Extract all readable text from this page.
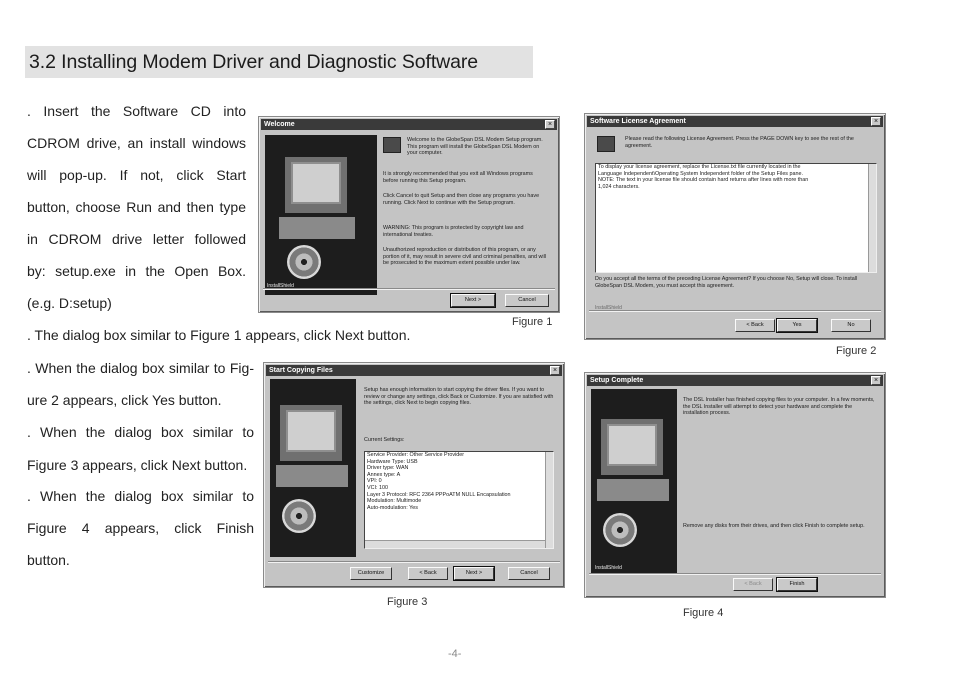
3.2 Installing Modem Driver and Diagnostic Software
. Insert the Software CD into
CDROM drive, an install windows
will pop-up. If not, click Start
button, choose Run and then type
in CDROM drive letter followed
by: setup.exe in the Open Box.
(e.g. D:setup)
. The dialog box similar to Figure 1 appears, click Next button.
. When the dialog box similar to Fig-
ure 2 appears, click Yes button.
. When the dialog box similar to
Figure 3 appears, click Next button.
. When the dialog box similar to
Figure 4 appears, click Finish
button.
Welcome	×
Welcome to the GlobeSpan DSL Modem Setup program. This program will install the GlobeSpan DSL Modem on your computer.
It is strongly recommended that you exit all Windows programs before running this Setup program.
Click Cancel to quit Setup and then close any programs you have running. Click Next to continue with the Setup program.
WARNING: This program is protected by copyright law and international treaties.
Unauthorized reproduction or distribution of this program, or any portion of it, may result in severe civil and criminal penalties, and will be prosecuted to the maximum extent possible under law.
InstallShield
Next >	Cancel
Figure 1
Software License Agreement	×
Please read the following License Agreement. Press the PAGE DOWN key to see the rest of the agreement.
To display your license agreement, replace the License.txt file currently located in the
Language Independent\Operating System Independent folder of the Setup Files pane.
NOTE: The text in your license file should contain hard returns after lines with more than
1,024 characters.
Do you accept all the terms of the preceding License Agreement? If you choose No, Setup will close. To install GlobeSpan DSL Modem, you must accept this agreement.
InstallShield
< Back	Yes	No
Figure 2
Start Copying Files	×
Setup has enough information to start copying the driver files. If you want to review or change any settings, click Back or Customize. If you are satisfied with the settings, click Next to begin copying files.
Current Settings:
Service Provider: Other Service Provider
Hardware Type: USB
Driver type: WAN
Annex type: A
VPI: 0
VCI: 100
Layer 3 Protocol: RFC 2364 PPPoATM NULL Encapsulation
Modulation: Multimode
Auto-modulation: Yes
Customize	< Back	Next >	Cancel
Figure 3
Setup Complete	×
InstallShield
The DSL Installer has finished copying files to your computer. In a few moments, the DSL Installer will attempt to detect your hardware and complete the installation process.
Remove any disks from their drives, and then click Finish to complete setup.
< Back	Finish
Figure 4
-4-
